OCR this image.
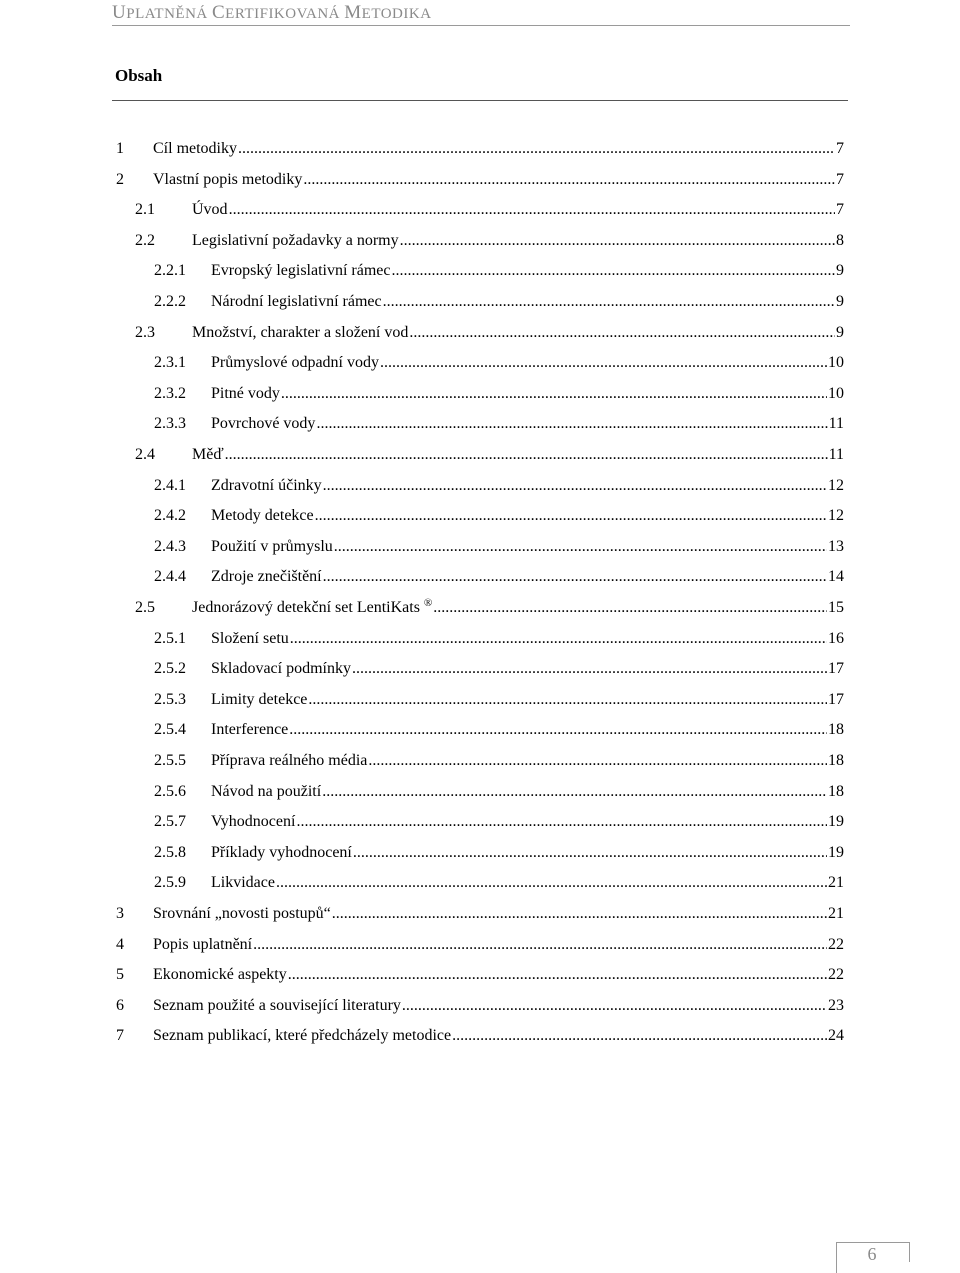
UPLATNĚNÁ CERTIFIKOVANÁ METODIKA
Obsah
1	Cíl metodiky .....	7
2	Vlastní popis metodiky .....	7
2.1	Úvod .....	7
2.2	Legislativní požadavky a normy .....	8
2.2.1	Evropský legislativní rámec .....	9
2.2.2	Národní legislativní rámec .....	9
2.3	Množství, charakter a složení vod .....	9
2.3.1	Průmyslové odpadní vody .....	10
2.3.2	Pitné vody .....	10
2.3.3	Povrchové vody .....	11
2.4	Měď .....	11
2.4.1	Zdravotní účinky .....	12
2.4.2	Metody detekce .....	12
2.4.3	Použití v průmyslu .....	13
2.4.4	Zdroje znečištění .....	14
2.5	Jednorázový detekční set LentiKats ® .....	15
2.5.1	Složení setu .....	16
2.5.2	Skladovací podmínky .....	17
2.5.3	Limity detekce .....	17
2.5.4	Interference .....	18
2.5.5	Příprava reálného média .....	18
2.5.6	Návod na použití .....	18
2.5.7	Vyhodnocení .....	19
2.5.8	Příklady vyhodnocení .....	19
2.5.9	Likvidace .....	21
3	Srovnání „novosti postupů“ .....	21
4	Popis uplatnění .....	22
5	Ekonomické aspekty .....	22
6	Seznam použité a související literatury .....	23
7	Seznam publikací, které předcházely metodice .....	24
6
